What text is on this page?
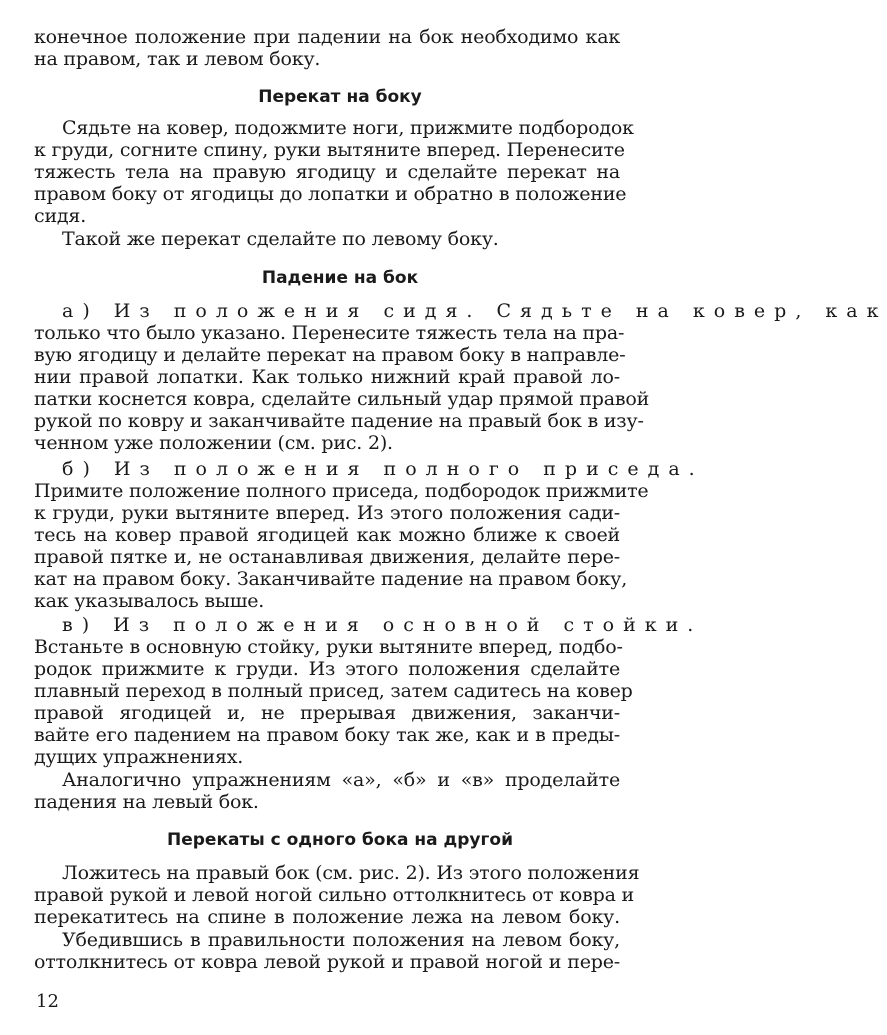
конечное положение при падении на бок необходимо как
на правом, так и левом боку.
Перекат на боку
Сядьте на ковер, подожмите ноги, прижмите подбородок
к груди, согните спину, руки вытяните вперед. Перенесите
тяжесть тела на правую ягодицу и сделайте перекат на
правом боку от ягодицы до лопатки и обратно в положение
сидя.
Такой же перекат сделайте по левому боку.
Падение на бок
а) Из положения сидя. Сядьте на ковер, как
только что было указано. Перенесите тяжесть тела на пра-
вую ягодицу и делайте перекат на правом боку в направле-
нии правой лопатки. Как только нижний край правой ло-
патки коснется ковра, сделайте сильный удар прямой правой
рукой по ковру и заканчивайте падение на правый бок в изу-
ченном уже положении (см. рис. 2).
б) Из положения полного приседа.
Примите положение полного приседа, подбородок прижмите
к груди, руки вытяните вперед. Из этого положения сади-
тесь на ковер правой ягодицей как можно ближе к своей
правой пятке и, не останавливая движения, делайте пере-
кат на правом боку. Заканчивайте падение на правом боку,
как указывалось выше.
в) Из положения основной стойки.
Встаньте в основную стойку, руки вытяните вперед, подбо-
родок прижмите к груди. Из этого положения сделайте
плавный переход в полный присед, затем садитесь на ковер
правой ягодицей и, не прерывая движения, заканчи-
вайте его падением на правом боку так же, как и в преды-
дущих упражнениях.
Аналогично упражнениям «а», «б» и «в» проделайте
падения на левый бок.
Перекаты с одного бока на другой
Ложитесь на правый бок (см. рис. 2). Из этого положения
правой рукой и левой ногой сильно оттолкнитесь от ковра и
перекатитесь на спине в положение лежа на левом боку.
Убедившись в правильности положения на левом боку,
оттолкнитесь от ковра левой рукой и правой ногой и пере-
12
